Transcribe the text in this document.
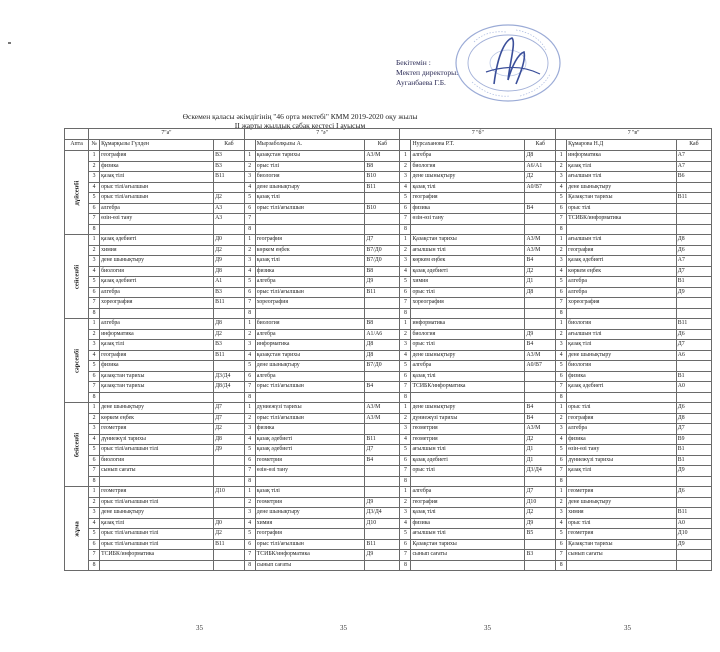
Бекітемін :
Мектеп директоры:
Ауганбаева Г.Б.
Өскемен қаласы әкімдігінің "46 орта мектебі" КММ 2019-2020 оқу жылы
ІІ жарты жылдық сабақ кестесі І ауысым
	7"а"			7 "ә"			7 "б"			7 "в"		
Апта	№	Құмарқызы Гүлден	Каб		Мырзаболқызы А.	Каб		Нурсаханова Р.Т.	Каб		Құмарова Н.Д	Каб

дүйсенбі	1	география	В3	1	қазақстан тарихы	А3/М	1	алгебра	Д8	1	информатика	А7
	2	физика	В3	2	орыс тілі	В8	2	биология	А6/А1	2	қазақ тілі	А7
	3	қазақ тілі	В11	3	биология	В10	3	дене шынықтыру	Д2	3	ағылшын тілі	В6
	4	орыс тілі/ағылшын		4	дене шынықтыру	В11	4	қазақ тілі	А0/В7	4	дене шынықтыру	
	5	орыс тілі/ағылшын	Д2	5	қазақ тілі		5	география		5	Қазақстан тарихы	В11
	6	алгебра	А3	6	орыс тілі/ағылшын	В10	6	физика	В4	6	орыс тілі	
	7	өзін-өзі тану	А3	7			7	өзін-өзі тану		7	ТСИБК/информатика	
	8			8			8			8		

сейсенбі	1	қазақ әдебиеті	Д0	1	география	Д7	1	Қазақстан тарихы	А3/М	1	ағылшын тілі	Д8
	2	химия	Д2	2	көркем еңбек	В7/Д0	2	ағылшын тілі	А3/М	2	география	Д6
	3	дене шынықтыру	Д9	3	қазақ тілі	В7/Д0	3	көркем еңбек	В4	3	қазақ әдебиеті	А7
	4	биология	Д8	4	физика	В8	4	қазақ әдебиеті	Д2	4	көркем еңбек	Д7
	5	қазақ әдебиеті	А1	5	алгебра	Д9	5	химия	Д1	5	алгебра	В1
	6	алгебра	В3	6	орыс тілі/ағылшын	В11	6	орыс тілі	Д8	6	алгебра	Д9
	7	хореография	В11	7	хореография		7	хореография		7	хореография	
	8			8			8			8		

сәрсенбі	1	алгебра	Д8	1	биология	В8	1	информатика		1	биология	В11
	2	информатика	Д2	2	алгебра	А1/А6	2	биология	Д9	2	ағылшын тілі	Д6
	3	қазақ тілі	В3	3	информатика	Д8	3	орыс тілі	В4	3	қазақ тілі	Д7
	4	география	В11	4	қазақстан тарихы	Д8	4	дене шынықтыру	А3/М	4	дене шынықтыру	А6
	5	физика		5	дене шынықтыру	В7/Д0	5	алгебра	А0/В7	5	биология	
	6	қазақстан тарихы	Д3/Д4	6	алгебра		6	қазақ тілі		6	физика	В1
	7	қазақстан тарихы	Д8/Д4	7	орыс тілі/ағылшын	В4	7	ТСИБК/информатика		7	қазақ әдебиеті	А0
	8			8			8			8		

бейсенбі	1	дене шынықтыру	Д7	1	дүниежүзі тарихы	А3/М	1	дене шынықтыру	В4	1	орыс тілі	Д6
	2	көркем еңбек	Д7	2	орыс тілі/ағылшын	А3/М	2	дүниежүзі тарихы	В4	2	география	Д8
	3	геометрия	Д2	3	физика		3	геометрия	А3/М	3	алгебра	Д7
	4	дүниежүзі тарихы	Д8	4	қазақ әдебиеті	В11	4	геометрия	Д2	4	физика	В9
	5	орыс тілі/ағылшын тілі	Д9	5	қазақ әдебиеті	Д7	5	ағылшын тілі	Д1	5	өзін-өзі тану	В1
	6	биология		6	геометрия	В4	6	қазақ әдебиеті	Д1	6	дүниежүзі тарихы	В1
	7	сынып сағаты		7	өзін-өзі тану		7	орыс тілі	Д3/Д4	7	қазақ тілі	Д9
	8			8			8			8		

жұма	1	геометрия	Д10	1	қазақ тілі		1	алгебра	Д7	1	геометрия	Д6
	2	орыс тілі/ағылшын тілі		2	геометрия	Д9	2	география	Д10	2	дене шынықтыру	
	3	дене шынықтыру		3	дене шынықтыру	Д3/Д4	3	қазақ тілі	Д2	3	химия	В11
	4	қазақ тілі	Д0	4	химия	Д10	4	физика	Д9	4	орыс тілі	А0
	5	орыс тілі/ағылшын тілі	Д2	5	география		5	ағылшын тілі	В5	5	геометрия	Д10
	6	орыс тілі/ағылшын тілі	В11	6	орыс тілі/ағылшын	В11	6	Қазақстан тарихы		6	Қазақстан тарихы	Д9
	7	ТСИБК/информатика		7	ТСИБК/информатика	Д9	7	сынып сағаты	В3	7	сынып сағаты	
	8			8	сынып сағаты		8			8		
35	35	35	35
